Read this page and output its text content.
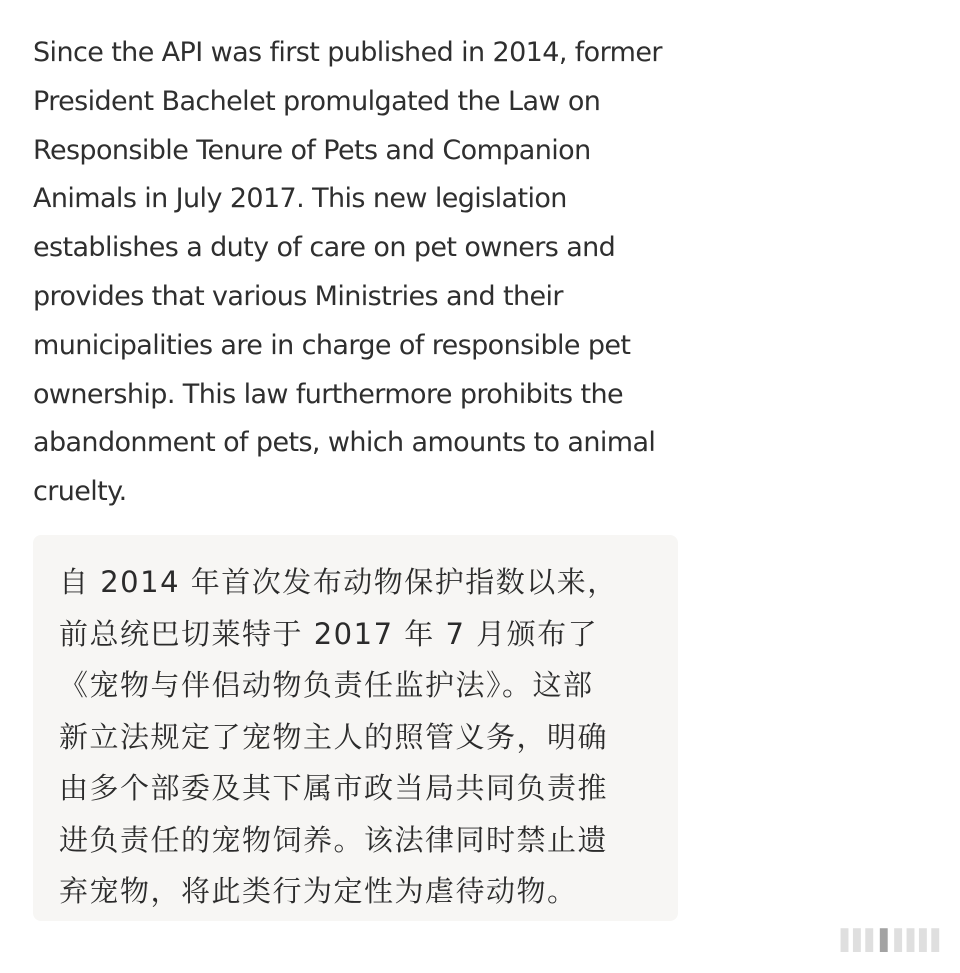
Since the API was first published in 2014, former
President Bachelet promulgated the Law on
Responsible Tenure of Pets and Companion
Animals in July 2017. This new legislation
establishes a duty of care on pet owners and
provides that various Ministries and their
municipalities are in charge of responsible pet
ownership. This law furthermore prohibits the
abandonment of pets, which amounts to animal
cruelty.

自 2014 年首次发布动物保护指数以来，
前总统巴切莱特于 2017 年 7 月颁布了
《宠物与伴侣动物负责任监护法》。这部
新立法规定了宠物主人的照管义务，明确
由多个部委及其下属市政当局共同负责推
进负责任的宠物饲养。该法律同时禁止遗
弃宠物，将此类行为定性为虐待动物。

▌▌▌ ▌ ▌▌▌▌
